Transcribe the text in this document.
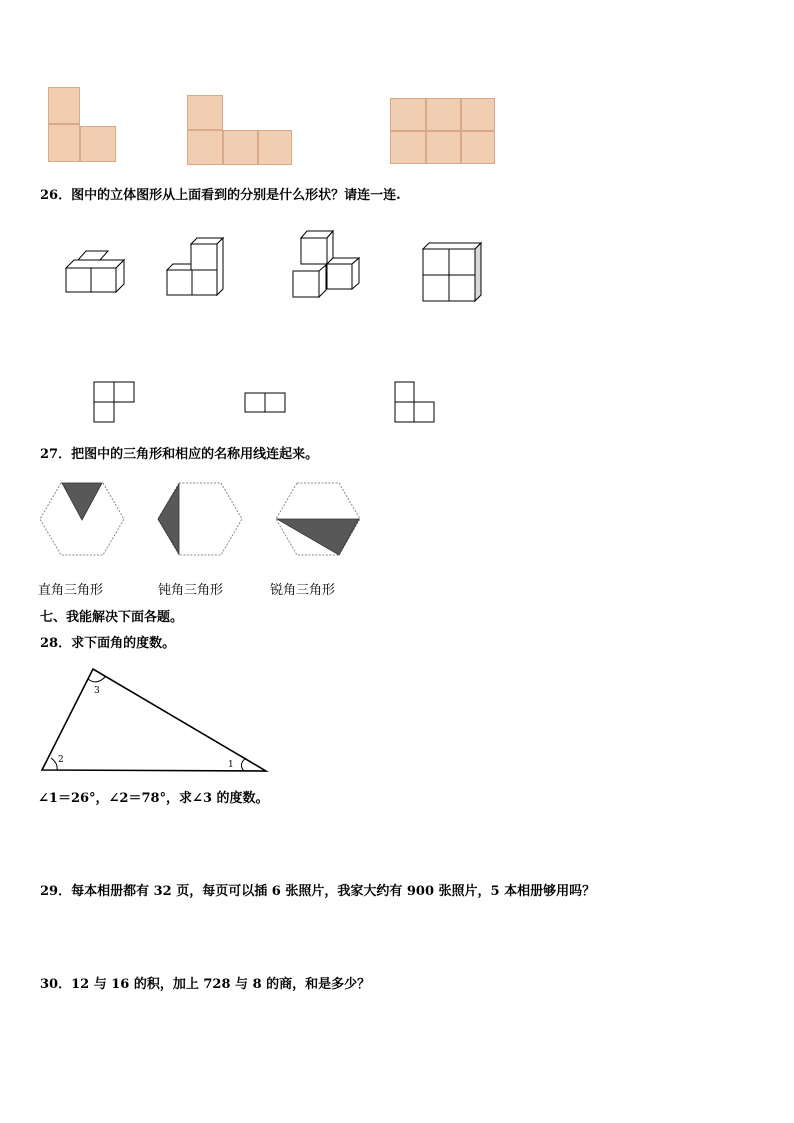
26．图中的立体图形从上面看到的分别是什么形状？请连一连.
27．把图中的三角形和相应的名称用线连起来。
直角三角形	钝角三角形	锐角三角形
七、我能解决下面各题。
28．求下面角的度数。
3
2	1
∠1＝26°，∠2＝78°，求∠3 的度数。
29．每本相册都有 32 页，每页可以插 6 张照片，我家大约有 900 张照片，5 本相册够用吗？
30．12 与 16 的积，加上 728 与 8 的商，和是多少？
